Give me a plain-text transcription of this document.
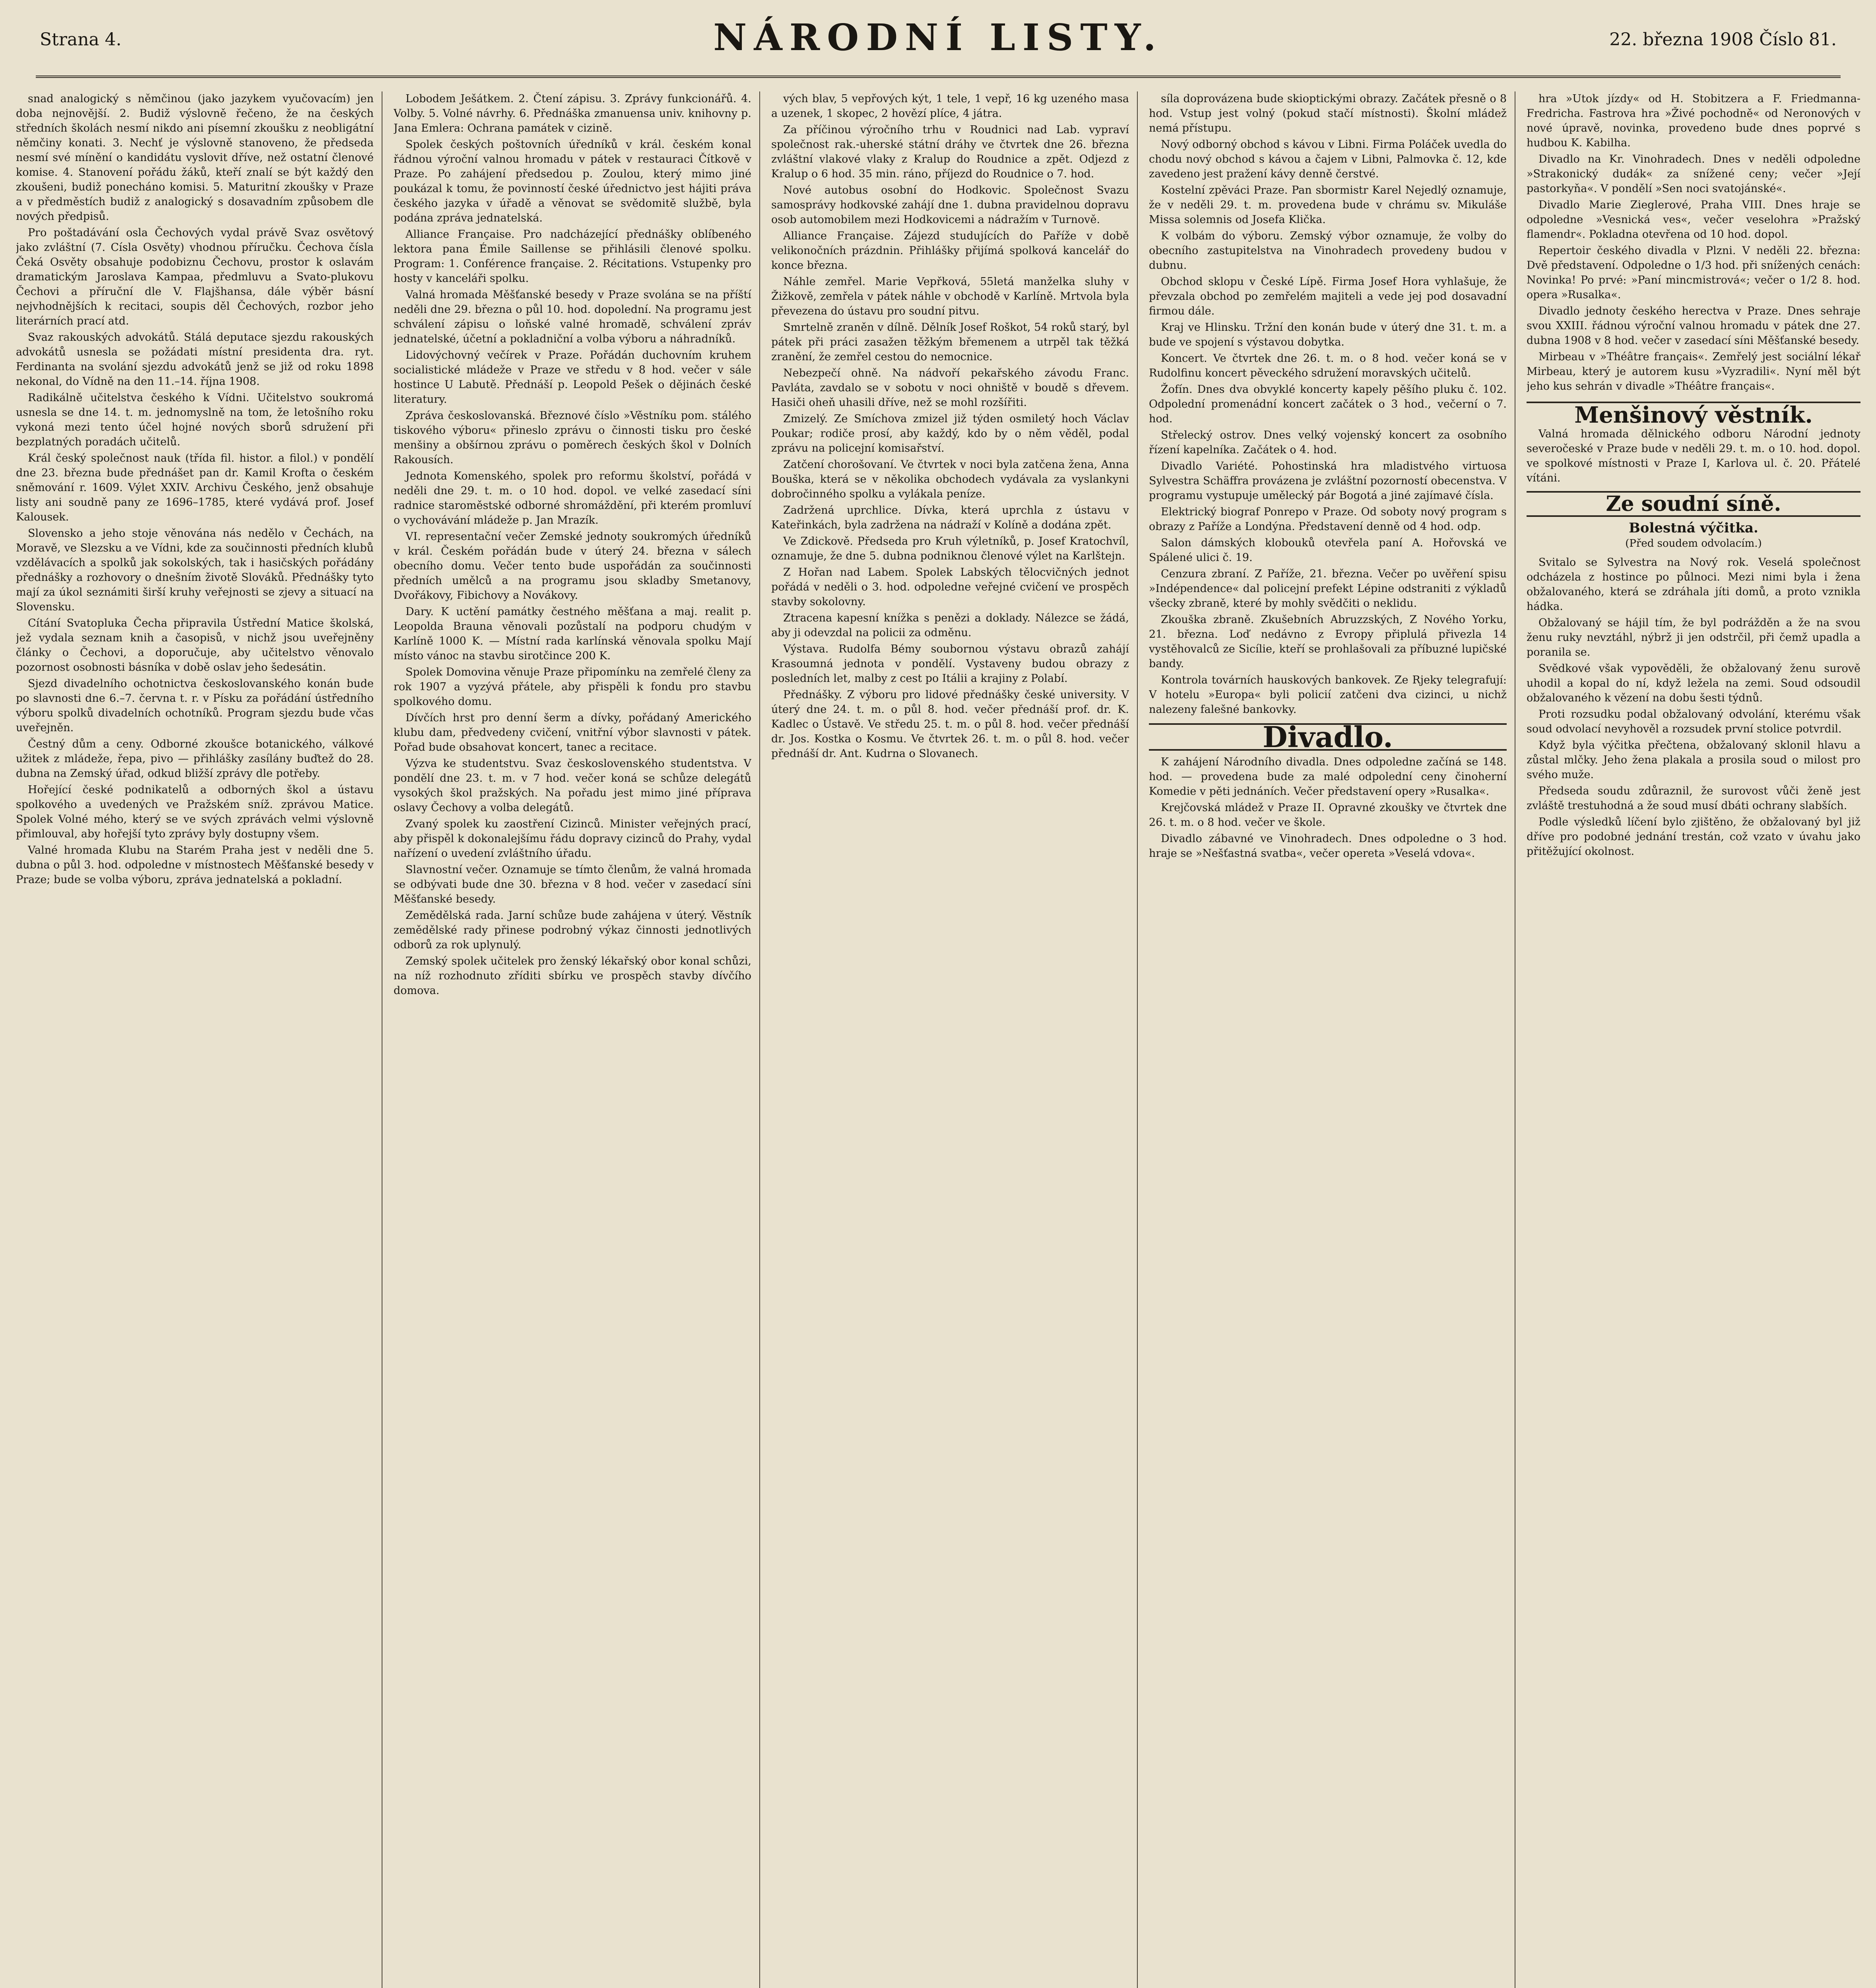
Strana 4.	NÁRODNÍ LISTY.	22. března 1908 Číslo 81.

snad analogický s němčinou (jako jazykem vyučovacím) jen doba nejnovější. 2. Budiž výslovně řečeno, že na českých středních školách nesmí nikdo ani písemní zkoušku z neobligátní němčiny konati. 3. Nechť je výslovně stanoveno, že předseda nesmí své mínění o kandidátu vyslovit dříve, než ostatní členové komise. 4. Stanovení pořádu žáků, kteří znalí se být každý den zkoušeni, budiž ponecháno komisi. 5. Maturitní zkoušky v Praze a v předměstích budiž z analogický s dosavadním způsobem dle nových předpisů.

Pro poštadávání osla Čechových vydal právě Svaz osvětový jako zvláštní (7. Císla Osvěty) vhodnou příručku. Čechova čísla Čeká Osvěty obsahuje podobiznu Čechovu, prostor k oslavám dramatickým Jaroslava Kampaa, předmluvu a Svato-plukovu Čechovi a příruční dle V. Flajšhansa, dále výběr básní nejvhodnějších k recitaci, soupis děl Čechových, rozbor jeho literárních prací atd.

Svaz rakouských advokátů. Stálá deputace sjezdu rakouských advokátů usnesla se požádati místní presidenta dra. ryt. Ferdinanta na svolání sjezdu advokátů jenž se již od roku 1898 nekonal, do Vídně na den 11.–14. října 1908.

Radikálně učitelstva českého k Vídni. Učitelstvo soukromá usnesla se dne 14. t. m. jednomyslně na tom, že letošního roku vykoná mezi tento účel hojné nových sborů sdružení při bezplatných poradách učitelů.

Král český společnost nauk (třída fil. histor. a filol.) v pondělí dne 23. března bude přednášet pan dr. Kamil Krofta o českém sněmování r. 1609. Výlet XXIV. Archivu Českého, jenž obsahuje listy ani soudně pany ze 1696–1785, které vydává prof. Josef Kalousek.

Slovensko a jeho stoje věnována nás nedělo v Čechách, na Moravě, ve Slezsku a ve Vídni, kde za součinnosti předních klubů vzdělávacích a spolků jak sokolských, tak i hasičských pořádány přednášky a rozhovory o dnešním životě Slováků. Přednášky tyto mají za úkol seznámiti širší kruhy veřejnosti se zjevy a situací na Slovensku.

Cítání Svatopluka Čecha připravila Ústřední Matice školská, jež vydala seznam knih a časopisů, v nichž jsou uveřejněny články o Čechovi, a doporučuje, aby učitelstvo věnovalo pozornost osobnosti básníka v době oslav jeho šedesátin.

Sjezd divadelního ochotnictva českoslovanského konán bude po slavnosti dne 6.–7. června t. r. v Písku za pořádání ústředního výboru spolků divadelních ochotníků. Program sjezdu bude včas uveřejněn.

Čestný dům a ceny. Odborné zkoušce botanického, válkové užitek z mládeže, řepa, pivo — přihlášky zasílány buďtež do 28. dubna na Zemský úřad, odkud bližší zprávy dle potřeby.

Hořející české podnikatelů a odborných škol a ústavu spolkového a uvedených ve Pražském sníž. zprávou Matice. Spolek Volné mého, který se ve svých zprávách velmi výslovně přimlouval, aby hořejší tyto zprávy byly dostupny všem.

Valné hromada Klubu na Starém Praha jest v neděli dne 5. dubna o půl 3. hod. odpoledne v místnostech Měšťanské besedy v Praze; bude se volba výboru, zpráva jednatelská a pokladní.

Lobodem Ješátkem. 2. Čtení zápisu. 3. Zprávy funkcionářů. 4. Volby. 5. Volné návrhy. 6. Přednáška zmanuensa univ. knihovny p. Jana Emlera: Ochrana památek v cizině.

Spolek českých poštovních úředníků v král. českém konal řádnou výroční valnou hromadu v pátek v restauraci Čítkově v Praze. Po zahájení předsedou p. Zoulou, který mimo jiné poukázal k tomu, že povinností české úřednictvo jest hájiti práva českého jazyka v úřadě a věnovat se svědomitě službě, byla podána zpráva jednatelská.

Alliance Française. Pro nadcházející přednášky oblíbeného lektora pana Émile Saillense se přihlásili členové spolku. Program: 1. Conférence française. 2. Récitations. Vstupenky pro hosty v kanceláři spolku.

Valná hromada Měšťanské besedy v Praze svolána se na příští neděli dne 29. března o půl 10. hod. dopolední. Na programu jest schválení zápisu o loňské valné hromadě, schválení zpráv jednatelské, účetní a pokladniční a volba výboru a náhradníků.

Lidovýchovný večírek v Praze. Pořádán duchovním kruhem socialistické mládeže v Praze ve středu v 8 hod. večer v sále hostince U Labutě. Přednáší p. Leopold Pešek o dějinách české literatury.

Zpráva českoslovanská. Březnové číslo »Věstníku pom. stálého tiskového výboru« přineslo zprávu o činnosti tisku pro české menšiny a obšírnou zprávu o poměrech českých škol v Dolních Rakousích.

Jednota Komenského, spolek pro reformu školství, pořádá v neděli dne 29. t. m. o 10 hod. dopol. ve velké zasedací síni radnice staroměstské odborné shromáždění, při kterém promluví o vychovávání mládeže p. Jan Mrazík.

VI. representační večer Zemské jednoty soukromých úředníků v král. Českém pořádán bude v úterý 24. března v sálech obecního domu. Večer tento bude uspořádán za součinnosti předních umělců a na programu jsou skladby Smetanovy, Dvořákovy, Fibichovy a Novákovy.

Dary. K uctění památky čestného měšťana a maj. realit p. Leopolda Brauna věnovali pozůstalí na podporu chudým v Karlíně 1000 K. — Místní rada karlínská věnovala spolku Mají místo vánoc na stavbu sirotčince 200 K.

Spolek Domovina věnuje Praze připomínku na zemřelé členy za rok 1907 a vyzývá přátele, aby přispěli k fondu pro stavbu spolkového domu.

Dívčích hrst pro denní šerm a dívky, pořádaný Amerického klubu dam, předvedeny cvičení, vnitřní výbor slavnosti v pátek. Pořad bude obsahovat koncert, tanec a recitace.

Výzva ke studentstvu. Svaz československého studentstva. V pondělí dne 23. t. m. v 7 hod. večer koná se schůze delegátů vysokých škol pražských. Na pořadu jest mimo jiné příprava oslavy Čechovy a volba delegátů.

Zvaný spolek ku zaostření Cizinců. Minister veřejných prací, aby přispěl k dokonalejšímu řádu dopravy cizinců do Prahy, vydal nařízení o uvedení zvláštního úřadu.

Slavnostní večer. Oznamuje se tímto členům, že valná hromada se odbývati bude dne 30. března v 8 hod. večer v zasedací síni Měšťanské besedy.

Zemědělská rada. Jarní schůze bude zahájena v úterý. Věstník zemědělské rady přinese podrobný výkaz činnosti jednotlivých odborů za rok uplynulý.

Zemský spolek učitelek pro ženský lékařský obor konal schůzi, na níž rozhodnuto zříditi sbírku ve prospěch stavby dívčího domova.

vých blav, 5 vepřových kýt, 1 tele, 1 vepř, 16 kg uzeného masa a uzenek, 1 skopec, 2 hovězí plíce, 4 játra.

Za příčinou výročního trhu v Roudnici nad Lab. vypraví společnost rak.-uherské státní dráhy ve čtvrtek dne 26. března zvláštní vlakové vlaky z Kralup do Roudnice a zpět. Odjezd z Kralup o 6 hod. 35 min. ráno, příjezd do Roudnice o 7. hod.

Nové autobus osobní do Hodkovic. Společnost Svazu samosprávy hodkovské zahájí dne 1. dubna pravidelnou dopravu osob automobilem mezi Hodkovicemi a nádražím v Turnově.

Alliance Française. Zájezd studujících do Paříže v době velikonočních prázdnin. Přihlášky přijímá spolková kancelář do konce března.

Náhle zemřel. Marie Vepřková, 55letá manželka sluhy v Žižkově, zemřela v pátek náhle v obchodě v Karlíně. Mrtvola byla převezena do ústavu pro soudní pitvu.

Smrtelně zraněn v dílně. Dělník Josef Roškot, 54 roků starý, byl pátek při práci zasažen těžkým břemenem a utrpěl tak těžká zranění, že zemřel cestou do nemocnice.

Nebezpečí ohně. Na nádvoří pekařského závodu Franc. Pavláta, zavdalo se v sobotu v noci ohniště v boudě s dřevem. Hasiči oheň uhasili dříve, než se mohl rozšířiti.

Zmizelý. Ze Smíchova zmizel již týden osmiletý hoch Václav Poukar; rodiče prosí, aby každý, kdo by o něm věděl, podal zprávu na policejní komisařství.

Zatčení chorošovaní. Ve čtvrtek v noci byla zatčena žena, Anna Bouška, která se v několika obchodech vydávala za vyslankyni dobročinného spolku a vylákala peníze.

Zadržená uprchlice. Dívka, která uprchla z ústavu v Kateřinkách, byla zadržena na nádraží v Kolíně a dodána zpět.

Ve Zdickově. Předseda pro Kruh výletníků, p. Josef Kratochvíl, oznamuje, že dne 5. dubna podniknou členové výlet na Karlštejn.

Z Hořan nad Labem. Spolek Labských tělocvičných jednot pořádá v neděli o 3. hod. odpoledne veřejné cvičení ve prospěch stavby sokolovny.

Ztracena kapesní knížka s penězi a doklady. Nálezce se žádá, aby ji odevzdal na policii za odměnu.

Výstava. Rudolfa Bémy soubornou výstavu obrazů zahájí Krasoumná jednota v pondělí. Vystaveny budou obrazy z posledních let, malby z cest po Itálii a krajiny z Polabí.

Přednášky. Z výboru pro lidové přednášky české university. V úterý dne 24. t. m. o půl 8. hod. večer přednáší prof. dr. K. Kadlec o Ústavě. Ve středu 25. t. m. o půl 8. hod. večer přednáší dr. Jos. Kostka o Kosmu. Ve čtvrtek 26. t. m. o půl 8. hod. večer přednáší dr. Ant. Kudrna o Slovanech.

síla doprovázena bude skioptickými obrazy. Začátek přesně o 8 hod. Vstup jest volný (pokud stačí místnosti). Školní mládež nemá přístupu.

Nový odborný obchod s kávou v Libni. Firma Poláček uvedla do chodu nový obchod s kávou a čajem v Libni, Palmovka č. 12, kde zavedeno jest pražení kávy denně čerstvé.

Kostelní zpěváci Praze. Pan sbormistr Karel Nejedlý oznamuje, že v neděli 29. t. m. provedena bude v chrámu sv. Mikuláše Missa solemnis od Josefa Klička.

K volbám do výboru. Zemský výbor oznamuje, že volby do obecního zastupitelstva na Vinohradech provedeny budou v dubnu.

Obchod sklopu v České Lípě. Firma Josef Hora vyhlašuje, že převzala obchod po zemřelém majiteli a vede jej pod dosavadní firmou dále.

Kraj ve Hlinsku. Tržní den konán bude v úterý dne 31. t. m. a bude ve spojení s výstavou dobytka.

Koncert. Ve čtvrtek dne 26. t. m. o 8 hod. večer koná se v Rudolfinu koncert pěveckého sdružení moravských učitelů.

Žofín. Dnes dva obvyklé koncerty kapely pěšího pluku č. 102. Odpolední promenádní koncert začátek o 3 hod., večerní o 7. hod.

Střelecký ostrov. Dnes velký vojenský koncert za osobního řízení kapelníka. Začátek o 4. hod.

Divadlo Variété. Pohostinská hra mladistvého virtuosa Sylvestra Schäffra provázena je zvláštní pozorností obecenstva. V programu vystupuje umělecký pár Bogotá a jiné zajímavé čísla.

Elektrický biograf Ponrepo v Praze. Od soboty nový program s obrazy z Paříže a Londýna. Představení denně od 4 hod. odp.

Salon dámských klobouků otevřela paní A. Hořovská ve Spálené ulici č. 19.

Cenzura zbraní. Z Paříže, 21. března. Večer po uvěření spisu »Indépendence« dal policejní prefekt Lépine odstraniti z výkladů všecky zbraně, které by mohly svědčiti o neklidu.

Zkouška zbraně. Zkušebních Abruzzských, Z Nového Yorku, 21. března. Loď nedávno z Evropy připlulá přivezla 14 vystěhovalců ze Sicílie, kteří se prohlašovali za příbuzné lupičské bandy.

Kontrola továrních hauskových bankovek. Ze Rjeky telegrafují: V hotelu »Europa« byli policií zatčeni dva cizinci, u nichž nalezeny falešné bankovky.

Divadlo.

K zahájení Národního divadla. Dnes odpoledne začíná se 148. hod. — provedena bude za malé odpolední ceny činoherní Komedie v pěti jednáních. Večer představení opery »Rusalka«.

Krejčovská mládež v Praze II. Opravné zkoušky ve čtvrtek dne 26. t. m. o 8 hod. večer ve škole.

Divadlo zábavné ve Vinohradech. Dnes odpoledne o 3 hod. hraje se »Nešťastná svatba«, večer opereta »Veselá vdova«.

hra »Utok jízdy« od H. Stobitzera a F. Friedmanna-Fredricha. Fastrova hra »Živé pochodně« od Neronových v nové úpravě, novinka, provedeno bude dnes poprvé s hudbou K. Kabilha.

Divadlo na Kr. Vinohradech. Dnes v neděli odpoledne »Strakonický dudák« za snížené ceny; večer »Její pastorkyňa«. V pondělí »Sen noci svatojánské«.

Divadlo Marie Zieglerové, Praha VIII. Dnes hraje se odpoledne »Vesnická ves«, večer veselohra »Pražský flamendr«. Pokladna otevřena od 10 hod. dopol.

Repertoir českého divadla v Plzni. V neděli 22. března: Dvě představení. Odpoledne o 1/3 hod. při snížených cenách: Novinka! Po prvé: »Paní mincmistrová«; večer o 1/2 8. hod. opera »Rusalka«.

Divadlo jednoty českého herectva v Praze. Dnes sehraje svou XXIII. řádnou výroční valnou hromadu v pátek dne 27. dubna 1908 v 8 hod. večer v zasedací síni Měšťanské besedy.

Mirbeau v »Théâtre français«. Zemřelý jest sociální lékař Mirbeau, který je autorem kusu »Vyzradili«. Nyní měl být jeho kus sehrán v divadle »Théâtre français«.

Menšinový věstník.

Valná hromada dělnického odboru Národní jednoty severočeské v Praze bude v neděli 29. t. m. o 10. hod. dopol. ve spolkové místnosti v Praze I, Karlova ul. č. 20. Přátelé vítáni.

Ze soudní síně.
Bolestná výčitka.
(Před soudem odvolacím.)

Svitalo se Sylvestra na Nový rok. Veselá společnost odcházela z hostince po půlnoci. Mezi nimi byla i žena obžalovaného, která se zdráhala jíti domů, a proto vznikla hádka.

Obžalovaný se hájil tím, že byl podrážděn a že na svou ženu ruky nevztáhl, nýbrž ji jen odstrčil, při čemž upadla a poranila se.

Svědkové však vypověděli, že obžalovaný ženu surově uhodil a kopal do ní, když ležela na zemi. Soud odsoudil obžalovaného k vězení na dobu šesti týdnů.

Proti rozsudku podal obžalovaný odvolání, kterému však soud odvolací nevyhověl a rozsudek první stolice potvrdil.

Když byla výčitka přečtena, obžalovaný sklonil hlavu a zůstal mlčky. Jeho žena plakala a prosila soud o milost pro svého muže.

Předseda soudu zdůraznil, že surovost vůči ženě jest zvláště trestuhodná a že soud musí dbáti ochrany slabších.

Podle výsledků líčení bylo zjištěno, že obžalovaný byl již dříve pro podobné jednání trestán, což vzato v úvahu jako přitěžující okolnost.
